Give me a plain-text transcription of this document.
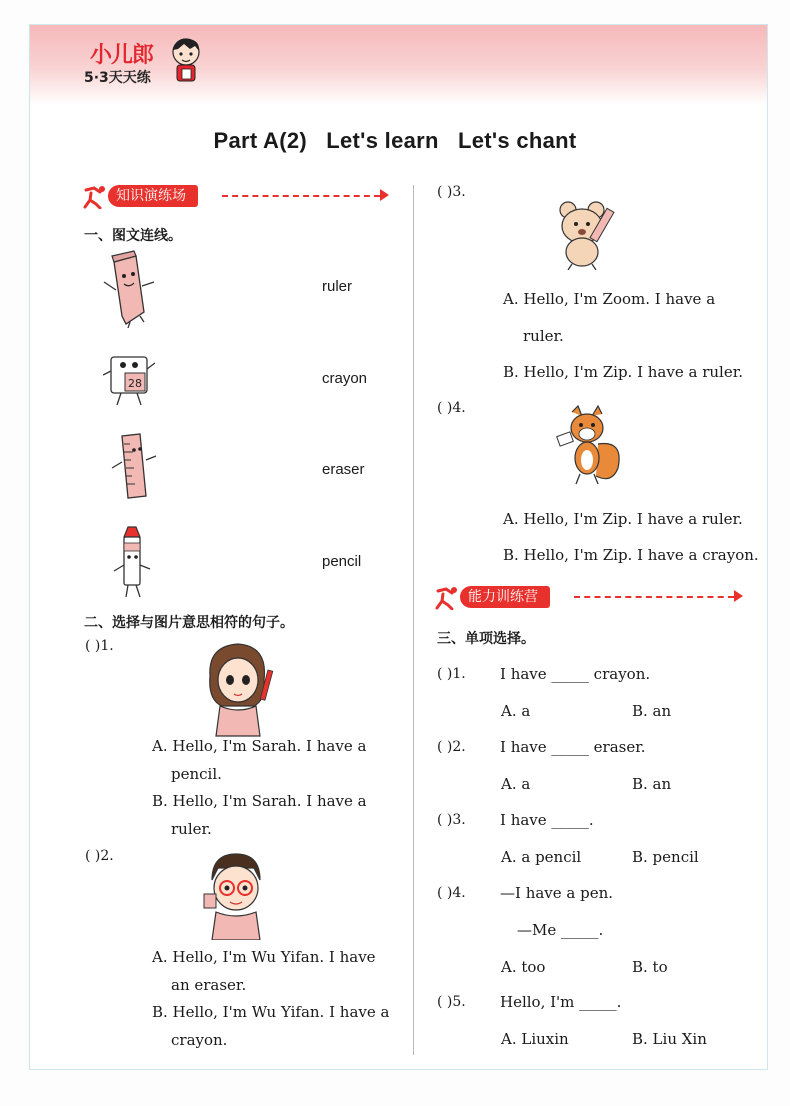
小儿郎
5·3天天练
Part A(2)   Let's learn   Let's chant
知识演练场
一、图文连线。
ruler
28	crayon
eraser
pencil
二、选择与图片意思相符的句子。
( )1.
A. Hello, I'm Sarah. I have a
pencil.
B. Hello, I'm Sarah. I have a
ruler.
( )2.
A. Hello, I'm Wu Yifan. I have
an eraser.
B. Hello, I'm Wu Yifan. I have a
crayon.
( )3.
A. Hello, I'm Zoom. I have a
ruler.
B. Hello, I'm Zip. I have a ruler.
( )4.
A. Hello, I'm Zip. I have a ruler.
B. Hello, I'm Zip. I have a crayon.
能力训练营
三、单项选择。
( )1. I have _____ crayon.
A. a	B. an
( )2. I have _____ eraser.
A. a	B. an
( )3. I have _____.
A. a pencil	B. pencil
( )4. —I have a pen.
—Me _____.
A. too	B. to
( )5. Hello, I'm _____.
A. Liuxin	B. Liu Xin
